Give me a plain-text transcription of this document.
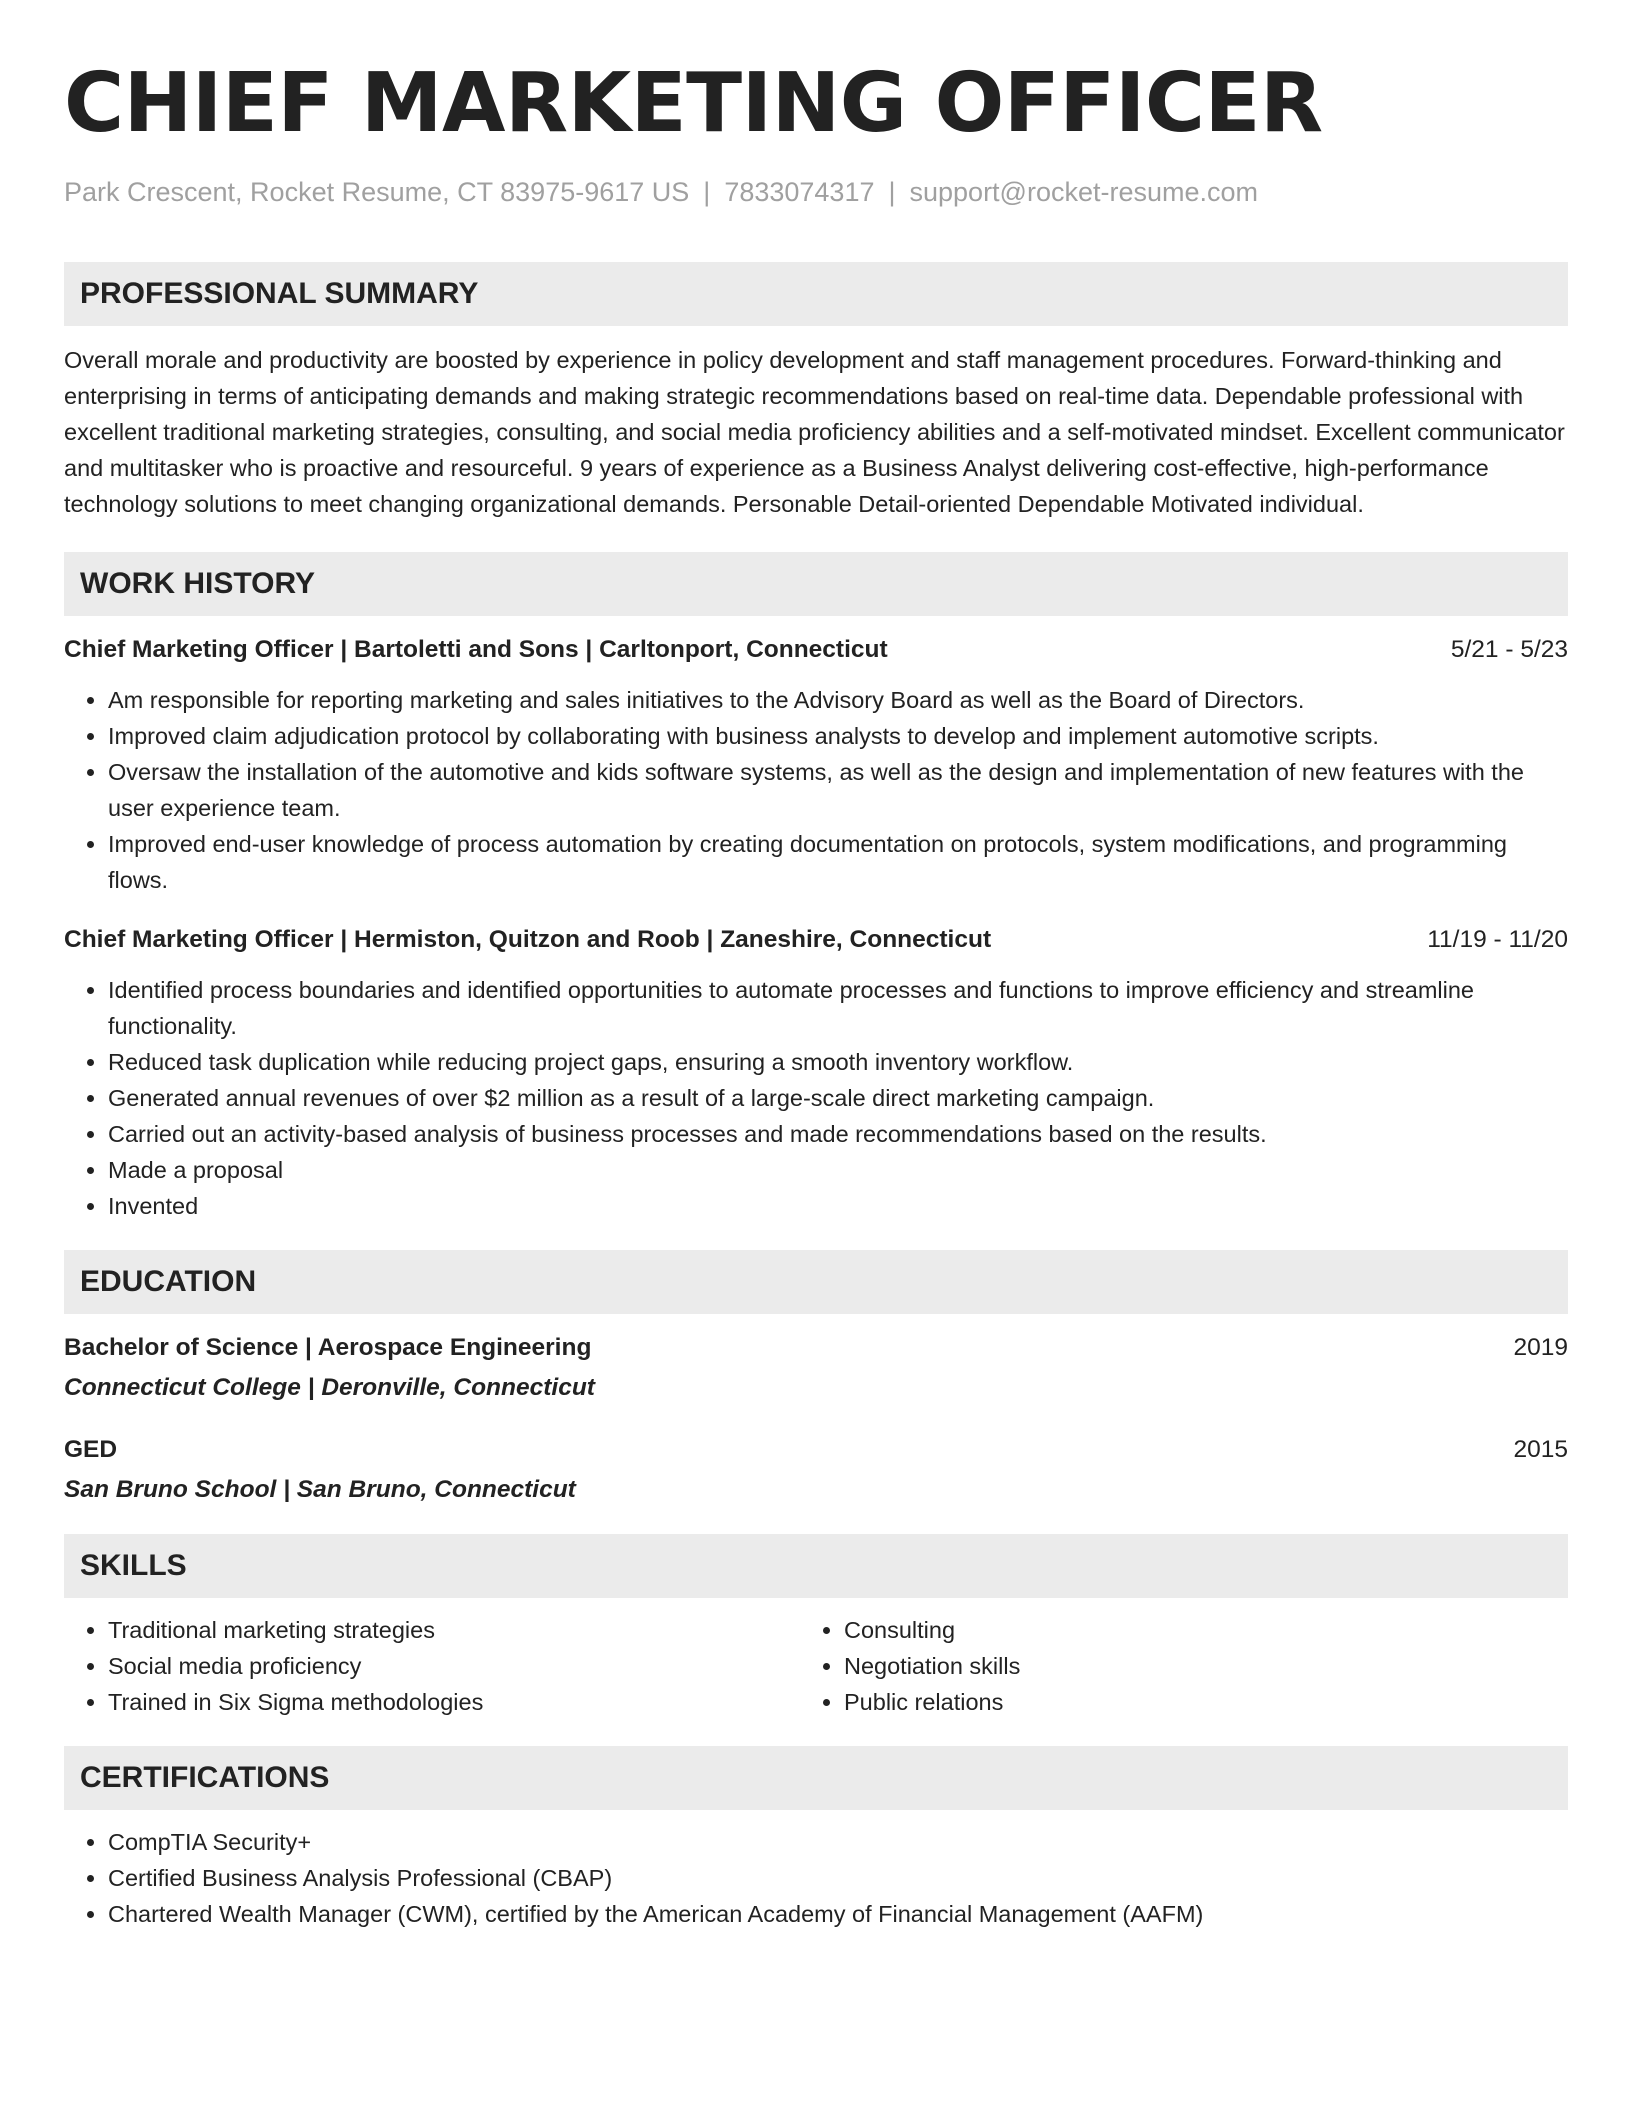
CHIEF MARKETING OFFICER
Park Crescent, Rocket Resume, CT 83975-9617 US | 7833074317 | support@rocket-resume.com
PROFESSIONAL SUMMARY
Overall morale and productivity are boosted by experience in policy development and staff management procedures. Forward-thinking and enterprising in terms of anticipating demands and making strategic recommendations based on real-time data. Dependable professional with excellent traditional marketing strategies, consulting, and social media proficiency abilities and a self-motivated mindset. Excellent communicator and multitasker who is proactive and resourceful. 9 years of experience as a Business Analyst delivering cost-effective, high-performance technology solutions to meet changing organizational demands. Personable Detail-oriented Dependable Motivated individual.
WORK HISTORY
Chief Marketing Officer | Bartoletti and Sons | Carltonport, Connecticut	5/21 - 5/23
• Am responsible for reporting marketing and sales initiatives to the Advisory Board as well as the Board of Directors.
• Improved claim adjudication protocol by collaborating with business analysts to develop and implement automotive scripts.
• Oversaw the installation of the automotive and kids software systems, as well as the design and implementation of new features with the user experience team.
• Improved end-user knowledge of process automation by creating documentation on protocols, system modifications, and programming flows.
Chief Marketing Officer | Hermiston, Quitzon and Roob | Zaneshire, Connecticut	11/19 - 11/20
• Identified process boundaries and identified opportunities to automate processes and functions to improve efficiency and streamline functionality.
• Reduced task duplication while reducing project gaps, ensuring a smooth inventory workflow.
• Generated annual revenues of over $2 million as a result of a large-scale direct marketing campaign.
• Carried out an activity-based analysis of business processes and made recommendations based on the results.
• Made a proposal
• Invented
EDUCATION
Bachelor of Science | Aerospace Engineering	2019
Connecticut College | Deronville, Connecticut
GED	2015
San Bruno School | San Bruno, Connecticut
SKILLS
• Traditional marketing strategies
• Social media proficiency
• Trained in Six Sigma methodologies
• Consulting
• Negotiation skills
• Public relations
CERTIFICATIONS
• CompTIA Security+
• Certified Business Analysis Professional (CBAP)
• Chartered Wealth Manager (CWM), certified by the American Academy of Financial Management (AAFM)
